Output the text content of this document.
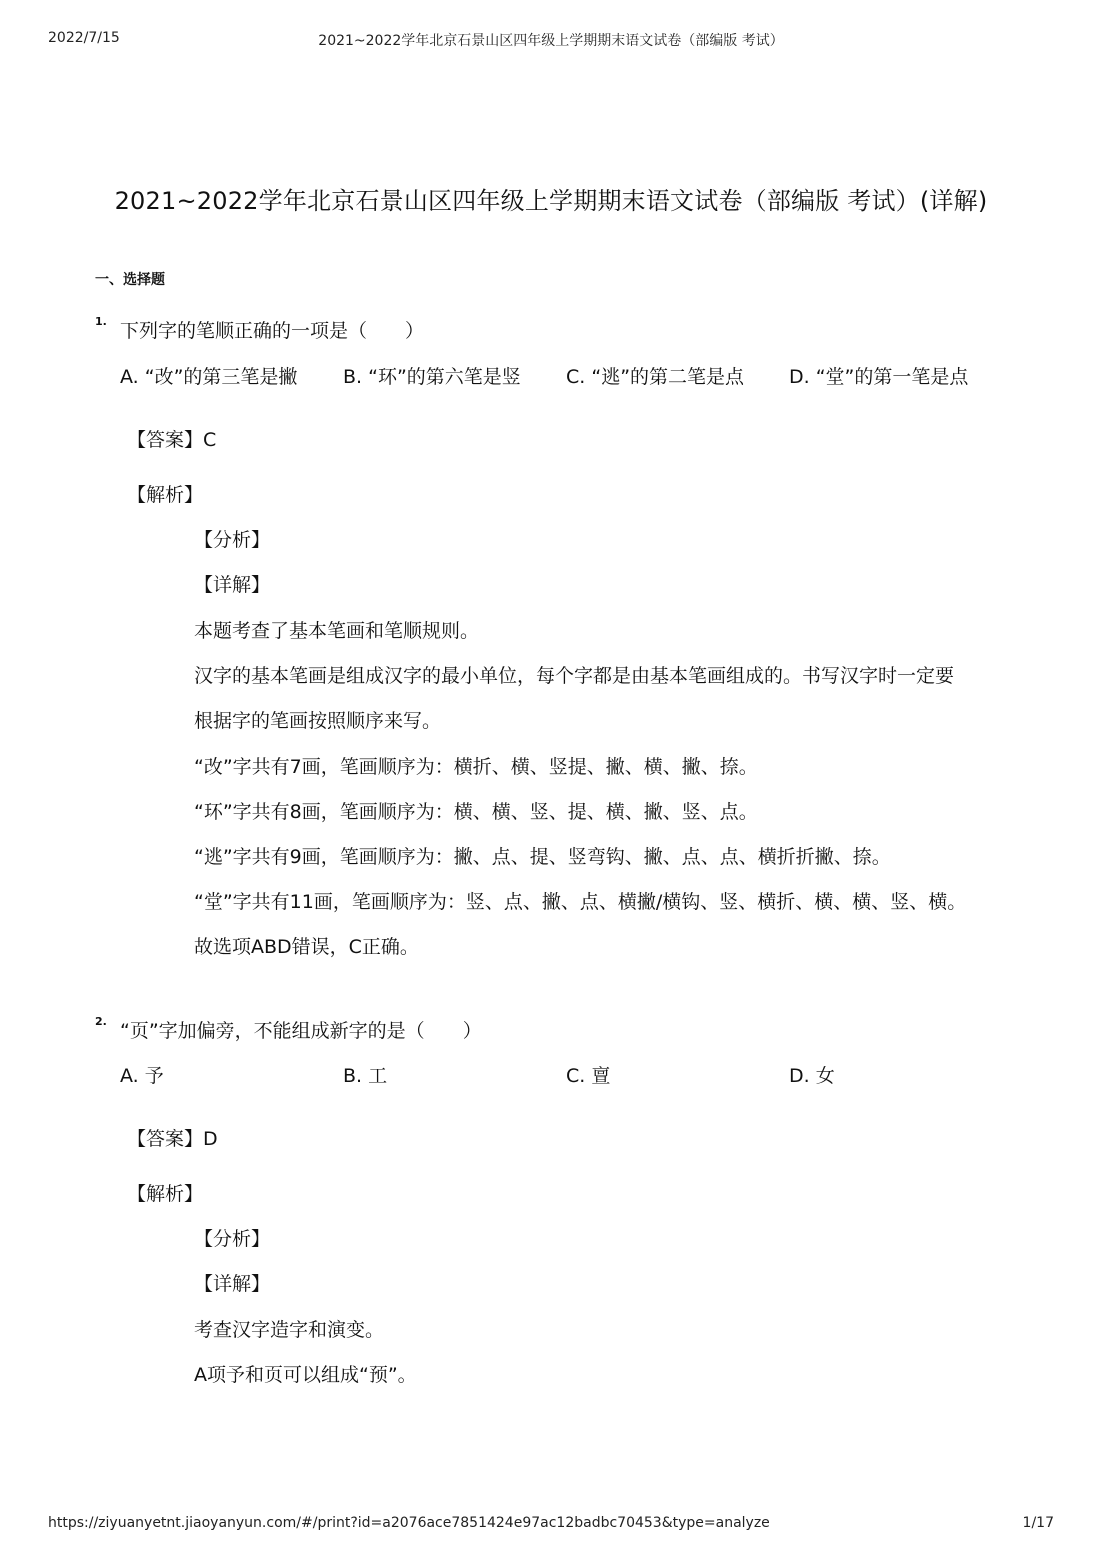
2022/7/15	2021~2022学年北京石景山区四年级上学期期末语文试卷（部编版 考试）
2021~2022学年北京石景山区四年级上学期期末语文试卷（部编版 考试）(详解)
一、选择题
1. 下列字的笔顺正确的一项是（　　）
A. “改”的第三笔是撇 B. “环”的第六笔是竖 C. “逃”的第二笔是点 D. “堂”的第一笔是点
【答案】C
【解析】
【分析】
【详解】
本题考查了基本笔画和笔顺规则。
汉字的基本笔画是组成汉字的最小单位，每个字都是由基本笔画组成的。书写汉字时一定要
根据字的笔画按照顺序来写。
“改”字共有7画，笔画顺序为：横折、横、竖提、撇、横、撇、捺。
“环”字共有8画，笔画顺序为：横、横、竖、提、横、撇、竖、点。
“逃”字共有9画，笔画顺序为：撇、点、提、竖弯钩、撇、点、点、横折折撇、捺。
“堂”字共有11画，笔画顺序为：竖、点、撇、点、横撇/横钩、竖、横折、横、横、竖、横。
故选项ABD错误，C正确。
2. “页”字加偏旁，不能组成新字的是（　　）
A. 予	B. 工	C. 亶	D. 女
【答案】D
【解析】
【分析】
【详解】
考查汉字造字和演变。
A项予和页可以组成“预”。
https://ziyuanyetnt.jiaoyanyun.com/#/print?id=a2076ace7851424e97ac12badbc70453&type=analyze	1/17
